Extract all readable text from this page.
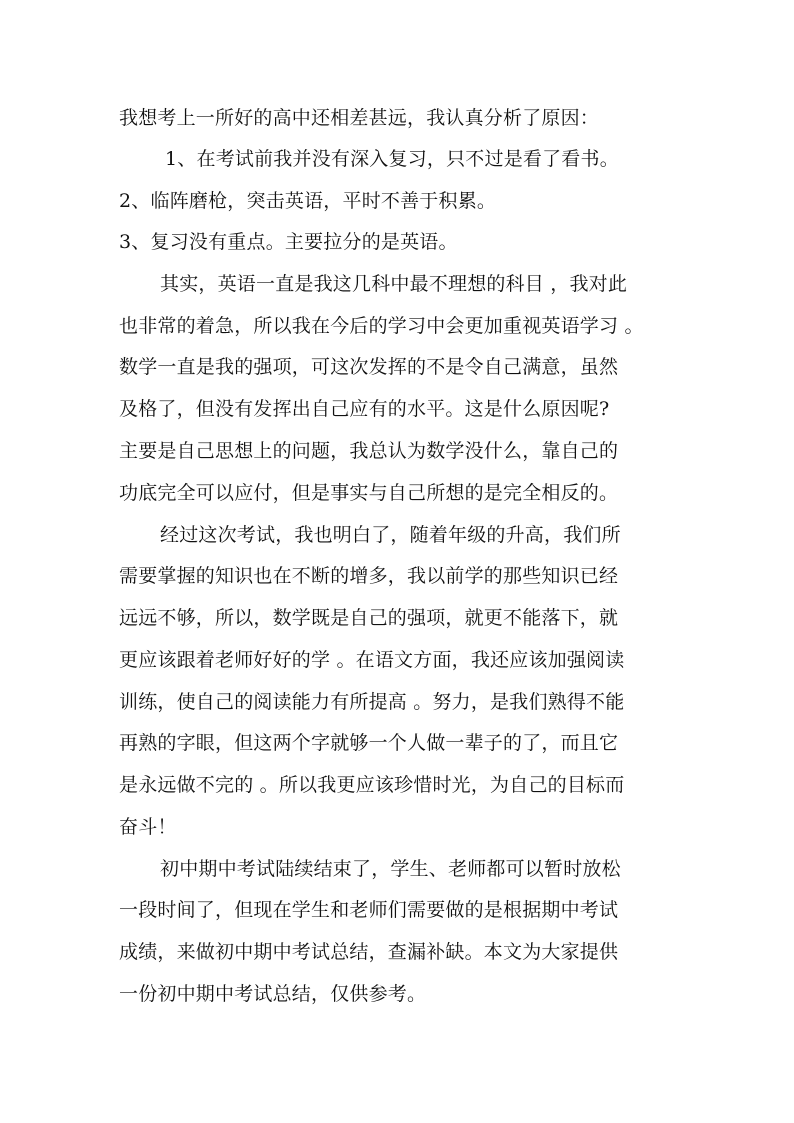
我想考上一所好的高中还相差甚远，我认真分析了原因：
1、在考试前我并没有深入复习，只不过是看了看书。
2、临阵磨枪，突击英语，平时不善于积累。
3、复习没有重点。主要拉分的是英语。
其实，英语一直是我这几科中最不理想的科目 ，我对此
也非常的着急，所以我在今后的学习中会更加重视英语学习 。
数学一直是我的强项，可这次发挥的不是令自己满意，虽然
及格了，但没有发挥出自己应有的水平。这是什么原因呢?
主要是自己思想上的问题，我总认为数学没什么，靠自己的
功底完全可以应付，但是事实与自己所想的是完全相反的。
经过这次考试，我也明白了，随着年级的升高，我们所
需要掌握的知识也在不断的增多，我以前学的那些知识已经
远远不够，所以，数学既是自己的强项，就更不能落下，就
更应该跟着老师好好的学 。在语文方面，我还应该加强阅读
训练，使自己的阅读能力有所提高 。努力，是我们熟得不能
再熟的字眼，但这两个字就够一个人做一辈子的了，而且它
是永远做不完的 。所以我更应该珍惜时光，为自己的目标而
奋斗！
初中期中考试陆续结束了，学生、老师都可以暂时放松
一段时间了，但现在学生和老师们需要做的是根据期中考试
成绩，来做初中期中考试总结，查漏补缺。本文为大家提供
一份初中期中考试总结，仅供参考。
